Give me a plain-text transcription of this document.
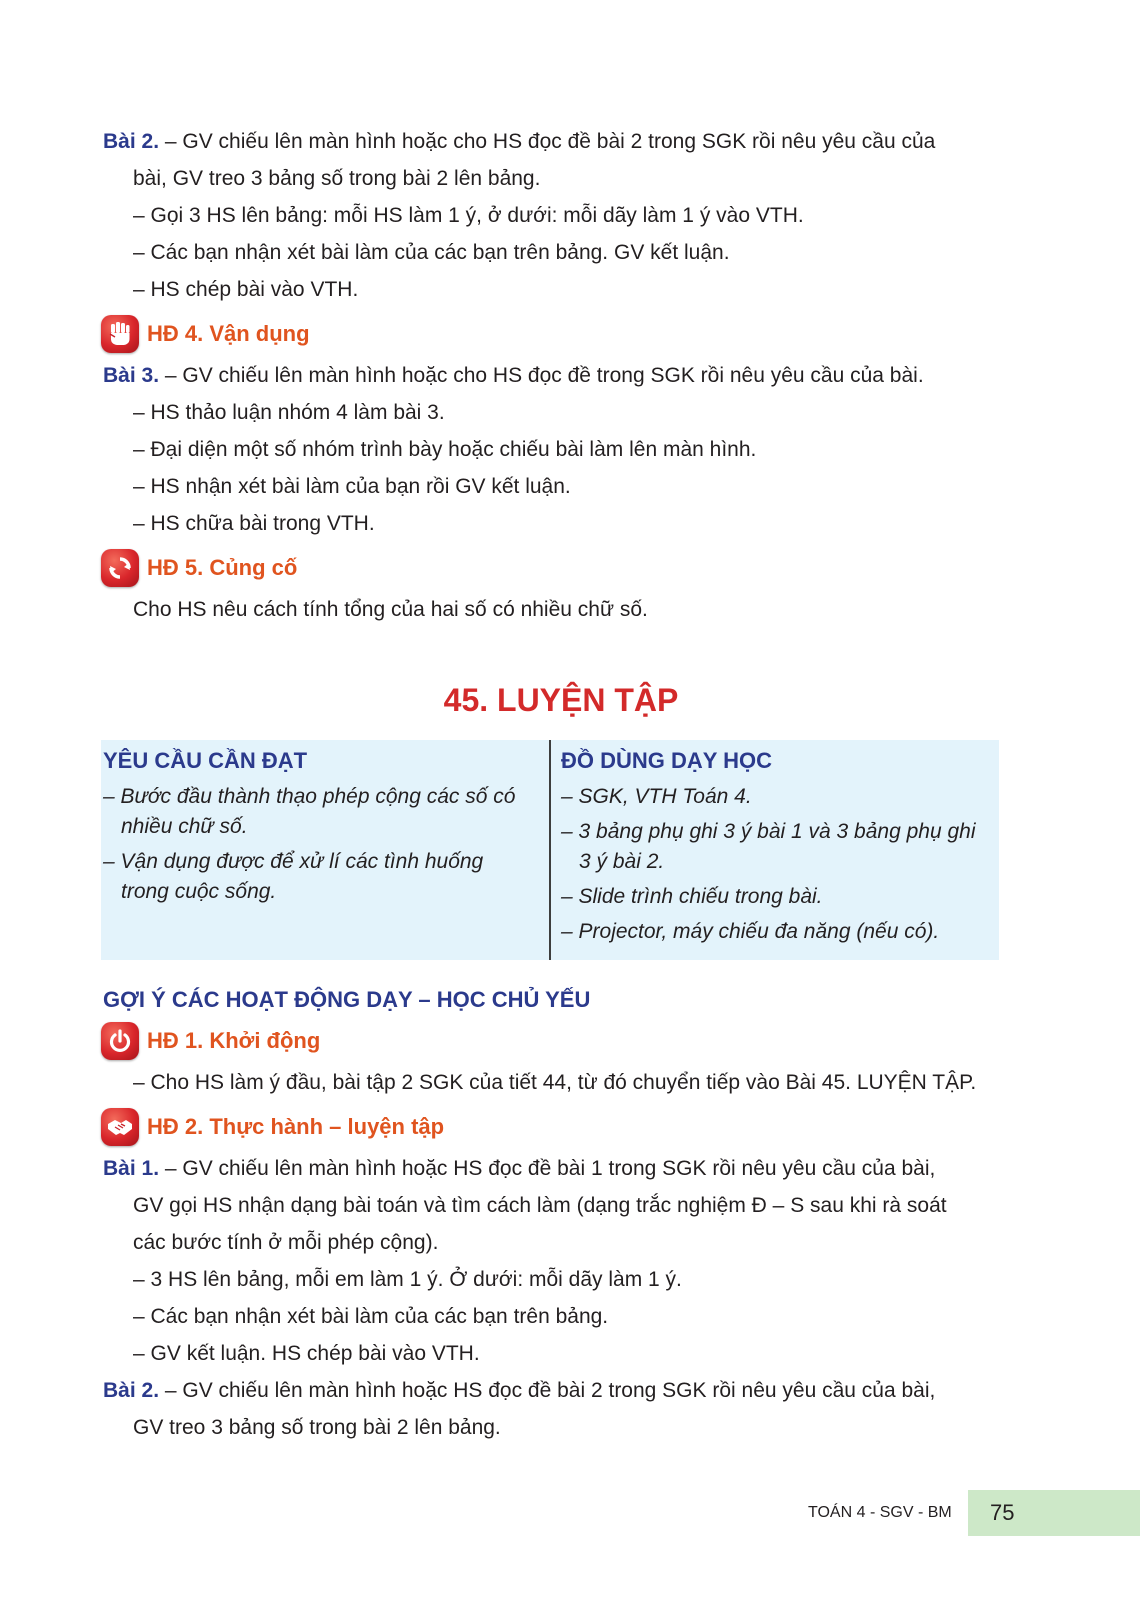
Bài 2. – GV chiếu lên màn hình hoặc cho HS đọc đề bài 2 trong SGK rồi nêu yêu cầu của
bài, GV treo 3 bảng số trong bài 2 lên bảng.
– Gọi 3 HS lên bảng: mỗi HS làm 1 ý, ở dưới: mỗi dãy làm 1 ý vào VTH.
– Các bạn nhận xét bài làm của các bạn trên bảng. GV kết luận.
– HS chép bài vào VTH.
HĐ 4. Vận dụng
Bài 3. – GV chiếu lên màn hình hoặc cho HS đọc đề trong SGK rồi nêu yêu cầu của bài.
– HS thảo luận nhóm 4 làm bài 3.
– Đại diện một số nhóm trình bày hoặc chiếu bài làm lên màn hình.
– HS nhận xét bài làm của bạn rồi GV kết luận.
– HS chữa bài trong VTH.
HĐ 5. Củng cố
Cho HS nêu cách tính tổng của hai số có nhiều chữ số.
45. LUYỆN TẬP
YÊU CẦU CẦN ĐẠT
– Bước đầu thành thạo phép cộng các số có nhiều chữ số.
– Vận dụng được để xử lí các tình huống trong cuộc sống.
ĐỒ DÙNG DẠY HỌC
– SGK, VTH Toán 4.
– 3 bảng phụ ghi 3 ý bài 1 và 3 bảng phụ ghi 3 ý bài 2.
– Slide trình chiếu trong bài.
– Projector, máy chiếu đa năng (nếu có).
GỢI Ý CÁC HOẠT ĐỘNG DẠY – HỌC CHỦ YẾU
HĐ 1. Khởi động
– Cho HS làm ý đầu, bài tập 2 SGK của tiết 44, từ đó chuyển tiếp vào Bài 45. LUYỆN TẬP.
HĐ 2. Thực hành – luyện tập
Bài 1. – GV chiếu lên màn hình hoặc HS đọc đề bài 1 trong SGK rồi nêu yêu cầu của bài,
GV gọi HS nhận dạng bài toán và tìm cách làm (dạng trắc nghiệm Đ – S sau khi rà soát
các bước tính ở mỗi phép cộng).
– 3 HS lên bảng, mỗi em làm 1 ý. Ở dưới: mỗi dãy làm 1 ý.
– Các bạn nhận xét bài làm của các bạn trên bảng.
– GV kết luận. HS chép bài vào VTH.
Bài 2. – GV chiếu lên màn hình hoặc HS đọc đề bài 2 trong SGK rồi nêu yêu cầu của bài,
GV treo 3 bảng số trong bài 2 lên bảng.
TOÁN 4 - SGV - BM 75
